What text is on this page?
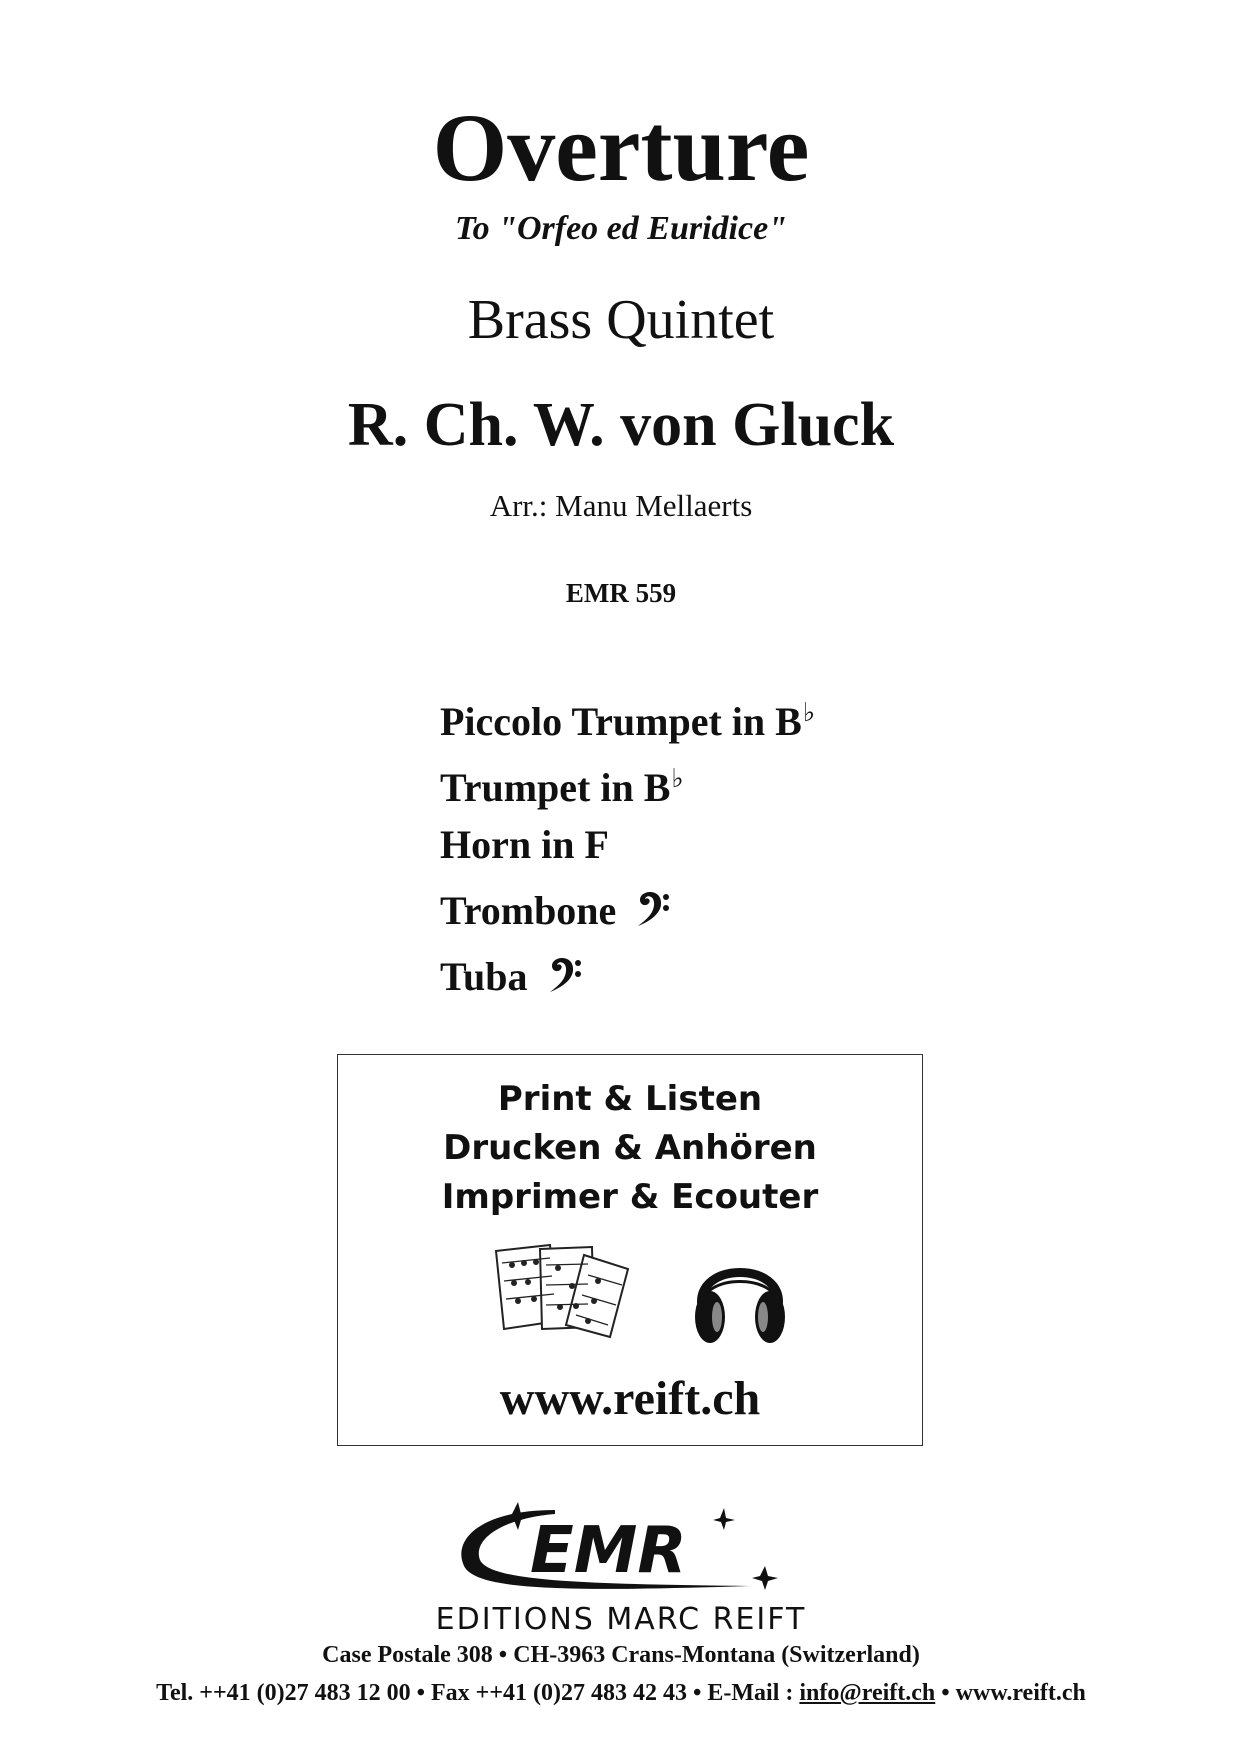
Overture
To "Orfeo ed Euridice"
Brass Quintet
R. Ch. W. von Gluck
Arr.: Manu Mellaerts
EMR 559
Piccolo Trumpet in B♭
Trumpet in B♭
Horn in F
Trombone
Tuba
Print & Listen
Drucken & Anhören
Imprimer & Ecouter
www.reift.ch
EMR
EDITIONS MARC REIFT
Case Postale 308 • CH-3963 Crans-Montana (Switzerland)
Tel. ++41 (0)27 483 12 00 • Fax ++41 (0)27 483 42 43 • E-Mail : info@reift.ch • www.reift.ch
